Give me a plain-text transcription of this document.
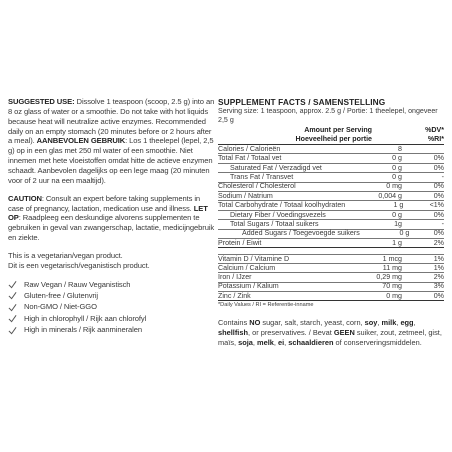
SUGGESTED USE: Dissolve 1 teaspoon (scoop, 2.5 g) into an 8 oz glass of water or a smoothie. Do not take with hot liquids because heat will neutralize active enzymes. Recommended daily on an empty stomach (20 minutes before or 2 hours after a meal). AANBEVOLEN GEBRUIK: Los 1 theelepel (lepel, 2,5 g) op in een glas met 250 ml water of een smoothie. Niet innemen met hete vloeistoffen omdat hitte de actieve enzymen schaadt. Aanbevolen dagelijks op een lege maag (20 minuten voor of 2 uur na een maaltijd).

CAUTION: Consult an expert before taking supplements in case of pregnancy, lactation, medication use and illness. LET OP: Raadpleeg een deskundige alvorens supplementen te gebruiken in geval van zwangerschap, lactatie, medicijngebruik en ziekte.

This is a vegetarian/vegan product.
Dit is een vegetarisch/veganistisch product.

Raw Vegan / Rauw Veganistisch
Gluten-free / Glutenvrij
Non-GMO / Niet-GGO
High in chlorophyll / Rijk aan chlorofyl
High in minerals / Rijk aanmineralen
SUPPLEMENT FACTS / SAMENSTELLING
Serving size: 1 teaspoon, approx. 2.5 g / Portie: 1 theelepel, ongeveer 2,5 g
Amount per Serving
Hoeveelheid per portie
%DV*
%RI*
Calories / Calorieën	8
Total Fat / Totaal vet	0 g	0%
Saturated Fat / Verzadigd vet	0 g	0%
Trans Fat / Transvet	0 g	-
Cholesterol / Cholesterol	0 mg	0%
Sodium / Natrium	0,004 g	0%
Total Carbohydrate / Totaal koolhydraten	1 g	<1%
Dietary Fiber / Voedingsvezels	0 g	0%
Total Sugars / Totaal suikers	1g	-
Added Sugars / Toegevoegde suikers	0 g	0%
Protein / Eiwit	1 g	2%
Vitamin D / Vitamine D	1 mcg	1%
Calcium / Calcium	11 mg	1%
Iron / IJzer	0,29 mg	2%
Potassium / Kalium	70 mg	3%
Zinc / Zink	0 mg	0%
*Daily Values / RI = Referentie-inname

Contains NO sugar, salt, starch, yeast, corn, soy, milk, egg, shellfish, or preservatives. / Bevat GEEN suiker, zout, zetmeel, gist, maïs, soja, melk, ei, schaaldieren of conserveringsmiddelen.
